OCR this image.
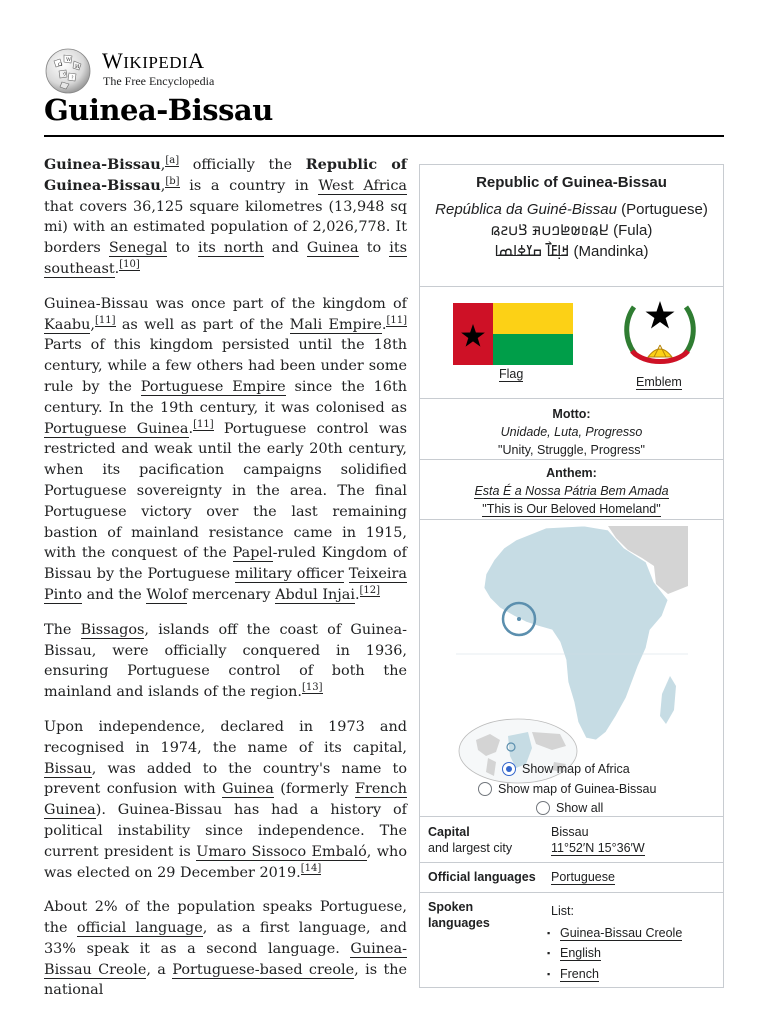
Ω
W
И
ウ ᚹ
WIKIPEDIA
The Free Encyclopedia
Guinea-Bissau

Guinea-Bissau,[a] officially the Republic of Guinea-Bissau,[b] is a country in West Africa that covers 36,125 square kilometres (13,948 sq mi) with an estimated population of 2,026,778. It borders Senegal to its north and Guinea to its southeast.[10]

Guinea-Bissau was once part of the kingdom of Kaabu,[11] as well as part of the Mali Empire.[11] Parts of this kingdom persisted until the 18th century, while a few others had been under some rule by the Portuguese Empire since the 16th century. In the 19th century, it was colonised as Portuguese Guinea.[11] Portuguese control was restricted and weak until the early 20th century, when its pacification campaigns solidified Portuguese sovereignty in the area. The final Portuguese victory over the last remaining bastion of mainland resistance came in 1915, with the conquest of the Papel-ruled Kingdom of Bissau by the Portuguese military officer Teixeira Pinto and the Wolof mercenary Abdul Injai.[12]

The Bissagos, islands off the coast of Guinea-Bissau, were officially conquered in 1936, ensuring Portuguese control of both the mainland and islands of the region.[13]

Upon independence, declared in 1973 and recognised in 1974, the name of its capital, Bissau, was added to the country's name to prevent confusion with Guinea (formerly French Guinea). Guinea-Bissau has had a history of political instability since independence. The current president is Umaro Sissoco Embaló, who was elected on 29 December 2019.[14]

About 2% of the population speaks Portuguese, the official language, as a first language, and 33% speak it as a second language. Guinea-Bissau Creole, a Portuguese-based creole, is the national

Republic of Guinea-Bissau
República da Guiné-Bissau (Portuguese)
𞤈𞤫𞤨𞤵𞤦𞤤𞤭𞤳 𞤘𞤭𞤲𞤫 (Fula)
ߞߊ߲ߓߊ߯ ߛߌߦߊߘߊ (Mandinka)
Flag
Emblem
Motto:
Unidade, Luta, Progresso
"Unity, Struggle, Progress"
Anthem:
Esta É a Nossa Pátria Bem Amada
"This is Our Beloved Homeland"
Show map of Africa
Show map of Guinea-Bissau
Show all
Capital
and largest city
Bissau
11°52′N 15°36′W
Official languages Portuguese
Spoken
languages
List:
▪ Guinea-Bissau Creole
▪ English
▪ French
